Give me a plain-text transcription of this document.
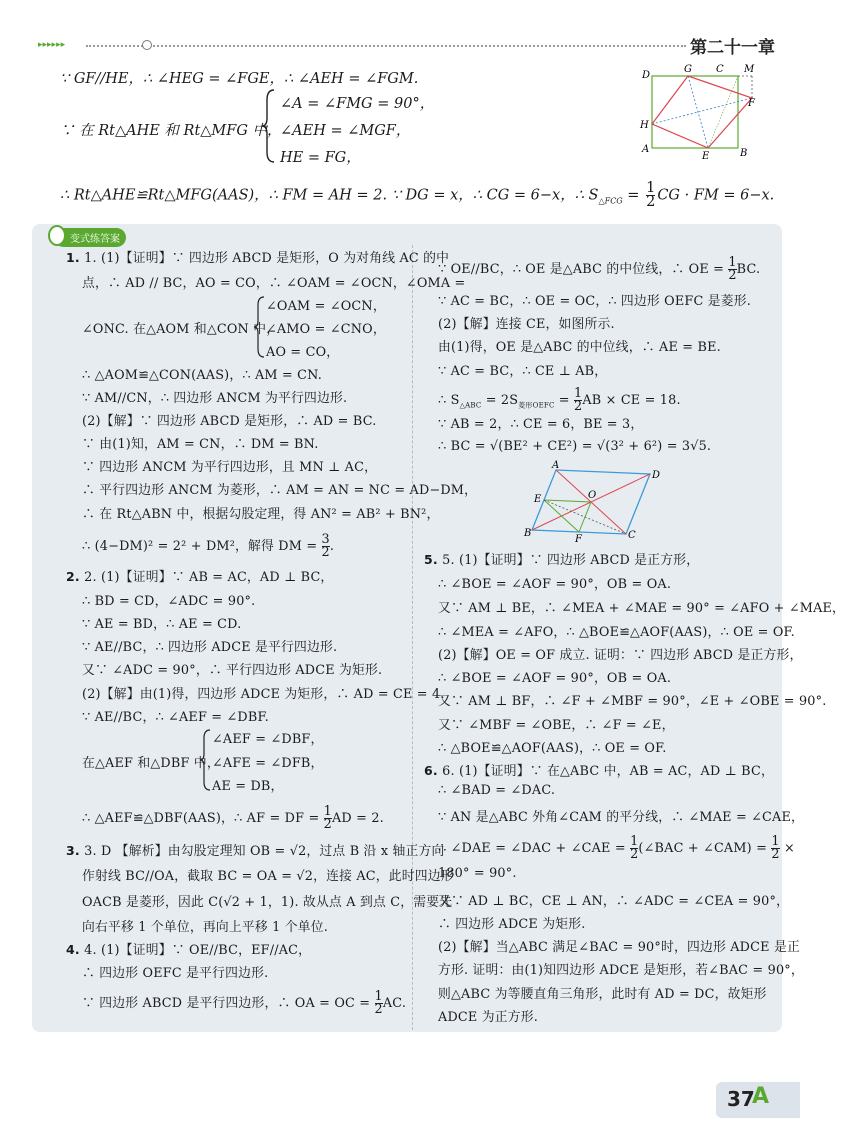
▸▸▸▸▸▸	第二十一章
∵ GF//HE，∴ ∠HEG = ∠FGE，∴ ∠AEH = ∠FGM.
∵ 在 Rt△AHE 和 Rt△MFG 中，
∠A = ∠FMG = 90°，
∠AEH = ∠MGF，
HE = FG，
∴ Rt△AHE≌Rt△MFG(AAS)，∴ FM = AH = 2. ∵ DG = x，∴ CG = 6−x，∴ $S_{\triangle FCG} = \frac{1}{2}$ CG · FM = 6−x.
D
G C M
F
H
A
E	B
变式练答案
1. 1. (1)【证明】∵ 四边形 ABCD 是矩形，O 为对角线 AC 的中
点，∴ AD // BC，AO = CO，∴ ∠OAM = ∠OCN，∠OMA =
∠ONC. 在△AOM 和△CON 中，
∠OAM = ∠OCN，
∠AMO = ∠CNO，
AO = CO，
∴ △AOM≌△CON(AAS)，∴ AM = CN.
∵ AM//CN，∴ 四边形 ANCM 为平行四边形.
(2)【解】∵ 四边形 ABCD 是矩形，∴ AD = BC.
∵ 由(1)知，AM = CN，∴ DM = BN.
∵ 四边形 ANCM 为平行四边形，且 MN ⊥ AC，
∴ 平行四边形 ANCM 为菱形，∴ AM = AN = NC = AD−DM，
∴ 在 Rt△ABN 中，根据勾股定理，得 AN² = AB² + BN²，
∴ (4−DM)² = 2² + DM²，解得 DM = $\frac{3}{2}$ .
2. 2. (1)【证明】∵ AB = AC，AD ⊥ BC，
∴ BD = CD，∠ADC = 90°.
∵ AE = BD，∴ AE = CD.
∵ AE//BC，∴ 四边形 ADCE 是平行四边形.
又∵ ∠ADC = 90°，∴ 平行四边形 ADCE 为矩形.
(2)【解】由(1)得，四边形 ADCE 为矩形，∴ AD = CE = 4.
∵ AE//BC，∴ ∠AEF = ∠DBF.
在△AEF 和△DBF 中，
∠AEF = ∠DBF，
∠AFE = ∠DFB，
AE = DB，
∴ △AEF≌△DBF(AAS)，∴ AF = DF = $\frac{1}{2}$ AD = 2.
3. 3. D 【解析】由勾股定理知 OB = √2，过点 B 沿 x 轴正方向
作射线 BC//OA，截取 BC = OA = √2，连接 AC，此时四边形
OACB 是菱形，因此 C(√2 + 1，1). 故从点 A 到点 C，需要先
向右平移 1 个单位，再向上平移 1 个单位.
4. 4. (1)【证明】∵ OE//BC，EF//AC，
∴ 四边形 OEFC 是平行四边形.
∵ 四边形 ABCD 是平行四边形，∴ OA = OC = $\frac{1}{2}$ AC.
∵ OE//BC，∴ OE 是△ABC 的中位线，∴ OE = $\frac{1}{2}$ BC.
∵ AC = BC，∴ OE = OC，∴ 四边形 OEFC 是菱形.
(2)【解】连接 CE，如图所示.
由(1)得，OE 是△ABC 的中位线，∴ AE = BE.
∵ AC = BC，∴ CE ⊥ AB，
∴ $S_{\triangle ABC} = 2S_{菱形OEFC} = \frac{1}{2}$ AB × CE = 18.
∵ AB = 2，∴ CE = 6，BE = 3，
∴ BC = √(BE² + CE²) = √(3² + 6²) = 3√5.
A
D
E	O
B
F	C
5. 5. (1)【证明】∵ 四边形 ABCD 是正方形，
∴ ∠BOE = ∠AOF = 90°，OB = OA.
又∵ AM ⊥ BE，∴ ∠MEA + ∠MAE = 90° = ∠AFO + ∠MAE，
∴ ∠MEA = ∠AFO，∴ △BOE≌△AOF(AAS)，∴ OE = OF.
(2)【解】OE = OF 成立. 证明：∵ 四边形 ABCD 是正方形，
∴ ∠BOE = ∠AOF = 90°，OB = OA.
又∵ AM ⊥ BF，∴ ∠F + ∠MBF = 90°，∠E + ∠OBE = 90°.
又∵ ∠MBF = ∠OBE，∴ ∠F = ∠E，
∴ △BOE≌△AOF(AAS)，∴ OE = OF.
6. 6. (1)【证明】∵ 在△ABC 中，AB = AC，AD ⊥ BC，
∴ ∠BAD = ∠DAC.
∵ AN 是△ABC 外角∠CAM 的平分线，∴ ∠MAE = ∠CAE，
∴ ∠DAE = ∠DAC + ∠CAE = $\frac{1}{2}$ (∠BAC + ∠CAM) = $\frac{1}{2}$ ×
180° = 90°.
又∵ AD ⊥ BC，CE ⊥ AN，∴ ∠ADC = ∠CEA = 90°，
∴ 四边形 ADCE 为矩形.
(2)【解】当△ABC 满足∠BAC = 90°时，四边形 ADCE 是正
方形. 证明：由(1)知四边形 ADCE 是矩形，若∠BAC = 90°，
则△ABC 为等腰直角三角形，此时有 AD = DC，故矩形
ADCE 为正方形.
37
A
